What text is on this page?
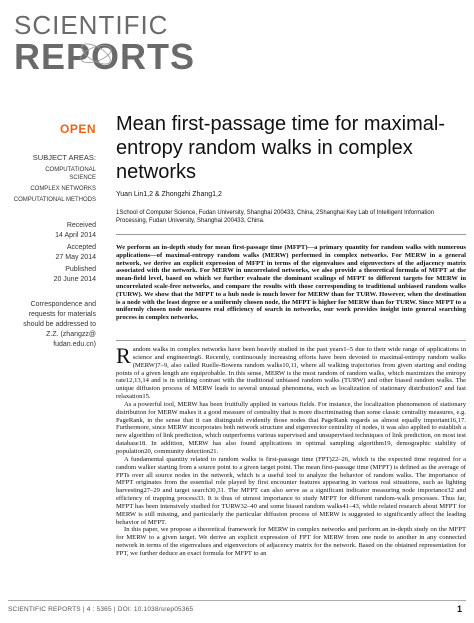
SCIENTIFIC
REPORTS
OPEN
SUBJECT AREAS:
COMPUTATIONAL
SCIENCE
COMPLEX NETWORKS
COMPUTATIONAL METHODS
Received
14 April 2014
Accepted
27 May 2014
Published
20 June 2014
Correspondence and
requests for materials
should be addressed to
Z.Z. (zhangzz@
fudan.edu.cn)
Mean first-passage time for maximal-entropy random walks in complex networks
Yuan Lin1,2 & Zhongzhi Zhang1,2
1School of Computer Science, Fudan University, Shanghai 200433, China, 2Shanghai Key Lab of Intelligent Information Processing, Fudan University, Shanghai 200433, China.
We perform an in-depth study for mean first-passage time (MFPT)—a primary quantity for random walks with numerous applications—of maximal-entropy random walks (MERW) performed in complex networks. For MERW in a general network, we derive an explicit expression of MFPT in terms of the eigenvalues and eigenvectors of the adjacency matrix associated with the network. For MERW in uncorrelated networks, we also provide a theoretical formula of MFPT at the mean-field level, based on which we further evaluate the dominant scalings of MFPT to different targets for MERW in uncorrelated scale-free networks, and compare the results with those corresponding to traditional unbiased random walks (TURW). We show that the MFPT to a hub node is much lower for MERW than for TURW. However, when the destination is a node with the least degree or a uniformly chosen node, the MFPT is higher for MERW than for TURW. Since MFPT to a uniformly chosen node measures real efficiency of search in networks, our work provides insight into general searching process in complex networks.

Random walks in complex networks have been heavily studied in the past years1–5 due to their wide range of applications in science and engineering6. Recently, continuously increasing efforts have been devoted to maximal-entropy random walks (MERW)7–9, also called Ruelle-Bowens random walks10,11, where all walking trajectories from given starting and ending points of a given length are equiprobable. In this sense, MERW is the most random of random walks, which maximizes the entropy rate12,13,14 and is in striking contrast with the traditional unbiased random walks (TURW) and other biased random walks. The unique diffusion process of MERW leads to several unusual phenomena, such as localization of stationary distribution7 and fast relaxation15.

As a powerful tool, MERW has been fruitfully applied in various fields. For instance, the localization phenomenon of stationary distribution for MERW makes it a good measure of centrality that is more discriminating than some classic centrality measures, e.g. PageRank, in the sense that it can distinguish evidently those nodes that PageRank regards as almost equally important16,17. Furthermore, since MERW incorporates both network structure and eigenvector centrality of nodes, it was also applied to establish a new algorithm of link prediction, which outperforms various supervised and unsupervised techniques of link prediction, on most test database18. In addition, MERW has also found applications in optimal sampling algorithm19, demographic stability of population20, community detection21.

A fundamental quantity related to random walks is first-passage time (FPT)22–26, which is the expected time required for a random walker starting from a source point to a given target point. The mean first-passage time (MFPT) is defined as the average of FPTs over all source nodes in the network, which is a useful tool to analyze the behavior of random walks. The importance of MFPT originates from the essential role played by first encounter features appearing in various real situations, such as lighting harvesting27–29 and target search30,31. The MFPT can also serve as a significant indicator measuring node importance32 and efficiency of trapping process33. It is thus of utmost importance to study MFPT for different random-walk processes. Thus far, MFPT has been intensively studied for TURW32–40 and some biased random walks41–43, while related research about MFPT for MERW is still missing, and particularly the particular diffusion process of MERW is suggested to significantly affect the leading behavior of MFPT.

In this paper, we propose a theoretical framework for MERW in complex networks and perform an in-depth study on the MFPT for MERW to a given target. We derive an explicit expression of FPT for MERW from one node to another in any connected network in terms of the eigenvalues and eigenvectors of adjacency matrix for the network. Based on the obtained representation for FPT, we further deduce an exact formula for MFPT to an

SCIENTIFIC REPORTS | 4 : 5365 | DOI: 10.1038/srep05365	1
